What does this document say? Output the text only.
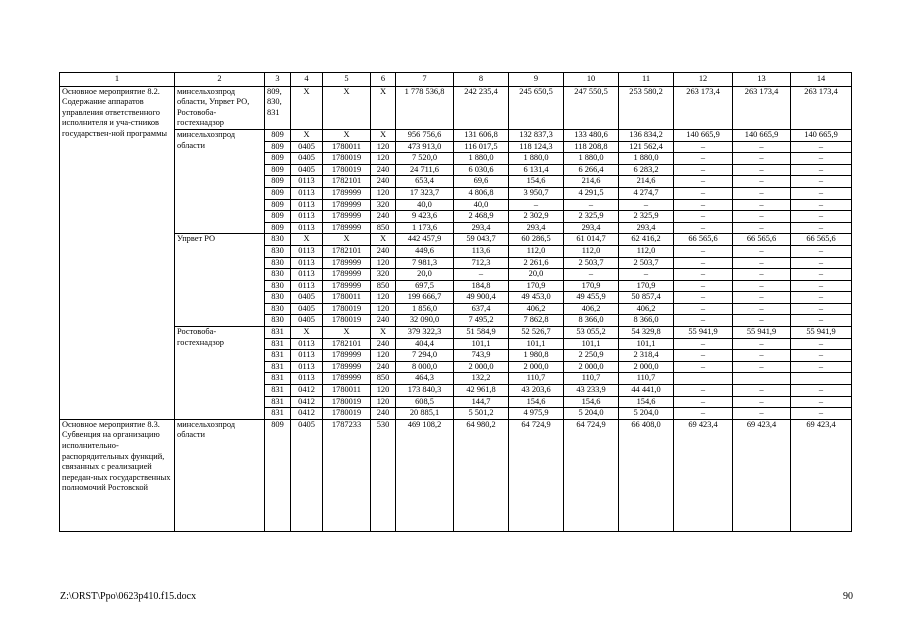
1	2	3	4	5	6	7	8	9	10	11	12	13	14
Основное мероприятие 8.2. Содержание аппаратов управления ответственного исполнителя и уча-стников государствен-ной программы	минсельхозпрод области, Упрвет РО, Ростовоба-гостехнадзор	809, 830, 831	X	X	X	1 778 536,8	242 235,4	245 650,5	247 550,5	253 580,2	263 173,4	263 173,4	263 173,4
	минсельхозпрод области	809	X	X	X	956 756,6	131 606,8	132 837,3	133 480,6	136 834,2	140 665,9	140 665,9	140 665,9
		809	0405	1780011	120	473 913,0	116 017,5	118 124,3	118 208,8	121 562,4	–	–	–
		809	0405	1780019	120	7 520,0	1 880,0	1 880,0	1 880,0	1 880,0	–	–	–
		809	0405	1780019	240	24 711,6	6 030,6	6 131,4	6 266,4	6 283,2	–	–	–
		809	0113	1782101	240	653,4	69,6	154,6	214,6	214,6	–	–	–
		809	0113	1789999	120	17 323,7	4 806,8	3 950,7	4 291,5	4 274,7	–	–	–
		809	0113	1789999	320	40,0	40,0	–	–	–	–	–	–
		809	0113	1789999	240	9 423,6	2 468,9	2 302,9	2 325,9	2 325,9	–	–	–
		809	0113	1789999	850	1 173,6	293,4	293,4	293,4	293,4	–	–	–
	Упрвет РО	830	X	X	X	442 457,9	59 043,7	60 286,5	61 014,7	62 416,2	66 565,6	66 565,6	66 565,6
		830	0113	1782101	240	449,6	113,6	112,0	112,0	112,0	–	–	–
		830	0113	1789999	120	7 981,3	712,3	2 261,6	2 503,7	2 503,7	–	–	–
		830	0113	1789999	320	20,0	–	20,0	–	–	–	–	–
		830	0113	1789999	850	697,5	184,8	170,9	170,9	170,9	–	–	–
		830	0405	1780011	120	199 666,7	49 900,4	49 453,0	49 455,9	50 857,4	–	–	–
		830	0405	1780019	120	1 856,0	637,4	406,2	406,2	406,2	–	–	–
		830	0405	1780019	240	32 090,0	7 495,2	7 862,8	8 366,0	8 366,0	–	–	–
	Ростовоба-гостехнадзор	831	X	X	X	379 322,3	51 584,9	52 526,7	53 055,2	54 329,8	55 941,9	55 941,9	55 941,9
		831	0113	1782101	240	404,4	101,1	101,1	101,1	101,1	–	–	–
		831	0113	1789999	120	7 294,0	743,9	1 980,8	2 250,9	2 318,4	–	–	–
		831	0113	1789999	240	8 000,0	2 000,0	2 000,0	2 000,0	2 000,0	–	–	–
		831	0113	1789999	850	464,3	132,2	110,7	110,7	110,7			
		831	0412	1780011	120	173 840,3	42 961,8	43 203,6	43 233,9	44 441,0	–	–	–
		831	0412	1780019	120	608,5	144,7	154,6	154,6	154,6	–	–	–
		831	0412	1780019	240	20 885,1	5 501,2	4 975,9	5 204,0	5 204,0	–	–	–
Основное мероприятие 8.3. Субвенция на организацию исполнительно-распорядительных функций, связанных с реализацией передан-ных государственных полномочий Ростовской	минсельхозпрод области	809	0405	1787233	530	469 108,2	64 980,2	64 724,9	64 724,9	66 408,0	69 423,4	69 423,4	69 423,4
Z:\ORST\Ppo\0623p410.f15.docx	90
